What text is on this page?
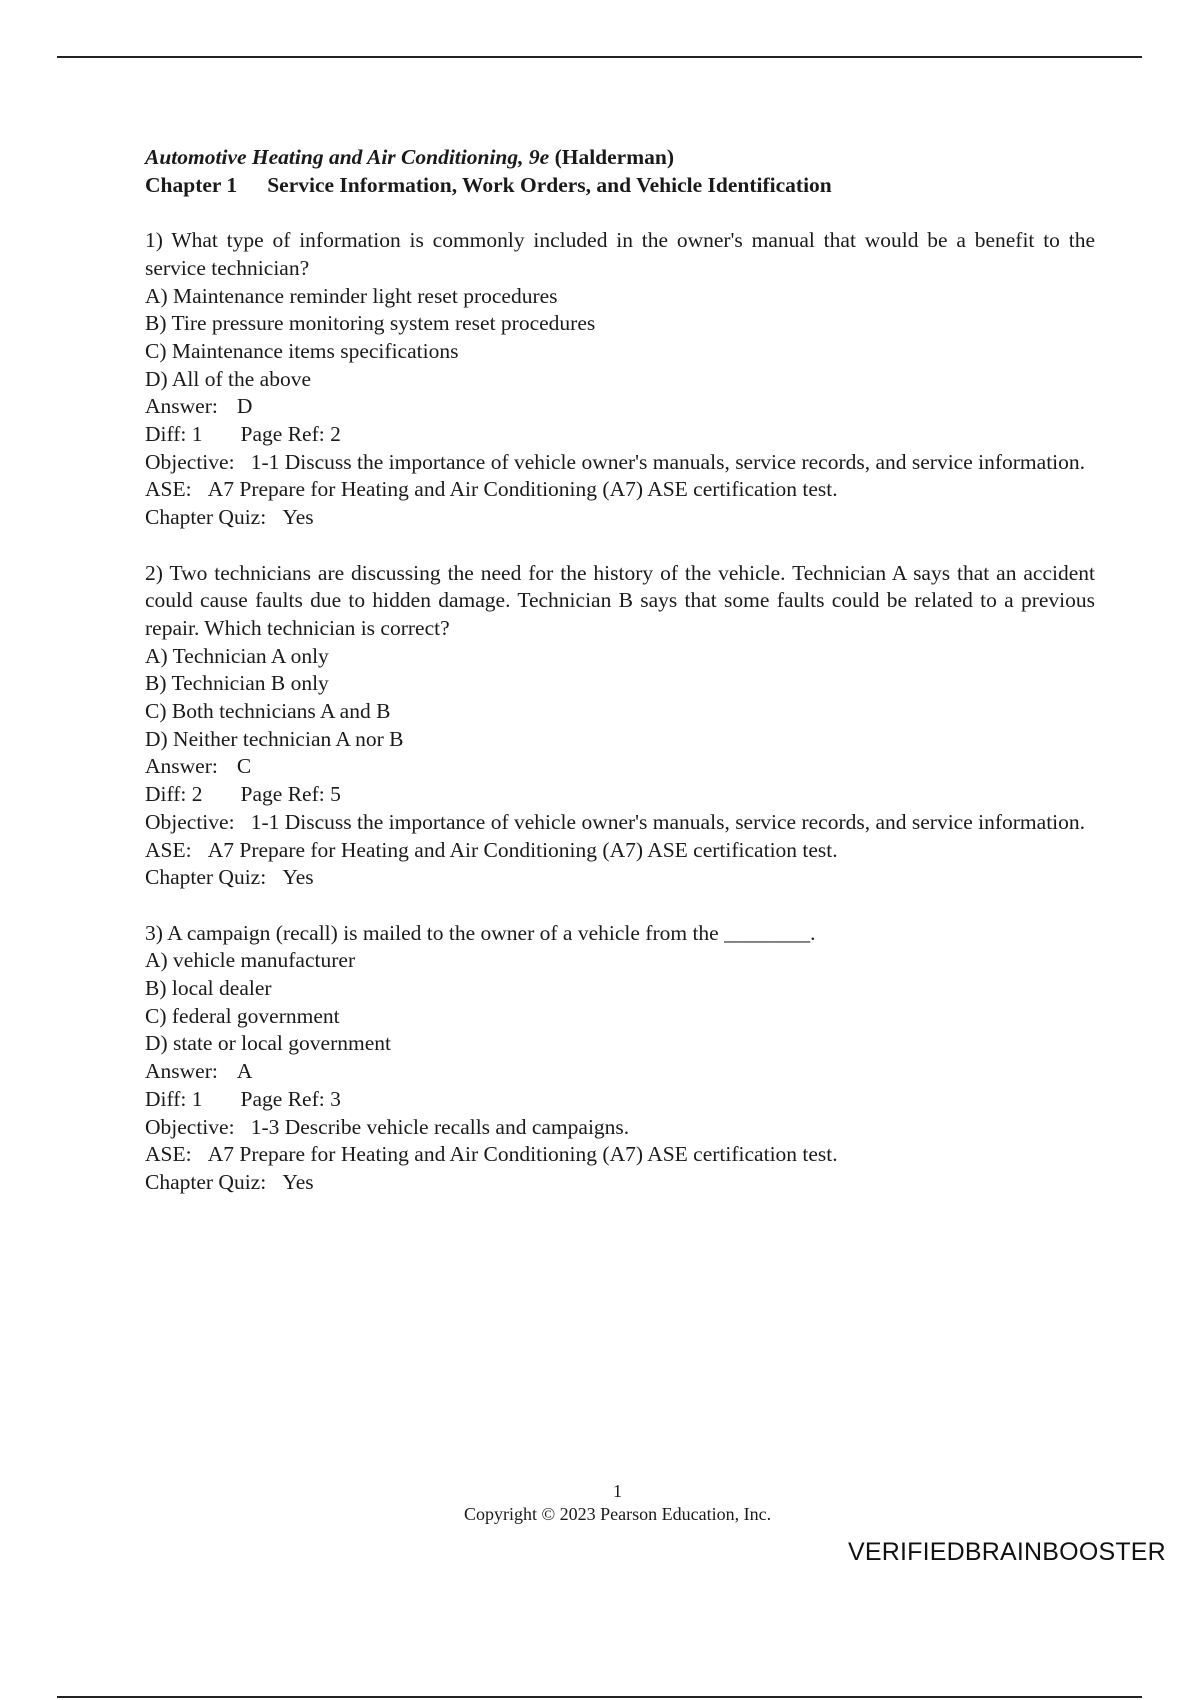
Automotive Heating and Air Conditioning, 9e (Halderman)
Chapter 1 Service Information, Work Orders, and Vehicle Identification
1) What type of information is commonly included in the owner's manual that would be a benefit to the service technician?
A) Maintenance reminder light reset procedures
B) Tire pressure monitoring system reset procedures
C) Maintenance items specifications
D) All of the above
Answer: D
Diff: 1 Page Ref: 2
Objective: 1-1 Discuss the importance of vehicle owner's manuals, service records, and service information.
ASE: A7 Prepare for Heating and Air Conditioning (A7) ASE certification test.
Chapter Quiz: Yes
2) Two technicians are discussing the need for the history of the vehicle. Technician A says that an accident could cause faults due to hidden damage. Technician B says that some faults could be related to a previous repair. Which technician is correct?
A) Technician A only
B) Technician B only
C) Both technicians A and B
D) Neither technician A nor B
Answer: C
Diff: 2 Page Ref: 5
Objective: 1-1 Discuss the importance of vehicle owner's manuals, service records, and service information.
ASE: A7 Prepare for Heating and Air Conditioning (A7) ASE certification test.
Chapter Quiz: Yes
3) A campaign (recall) is mailed to the owner of a vehicle from the ________.
A) vehicle manufacturer
B) local dealer
C) federal government
D) state or local government
Answer: A
Diff: 1 Page Ref: 3
Objective: 1-3 Describe vehicle recalls and campaigns.
ASE: A7 Prepare for Heating and Air Conditioning (A7) ASE certification test.
Chapter Quiz: Yes
1
Copyright © 2023 Pearson Education, Inc.
VERIFIEDBRAINBOOSTER
